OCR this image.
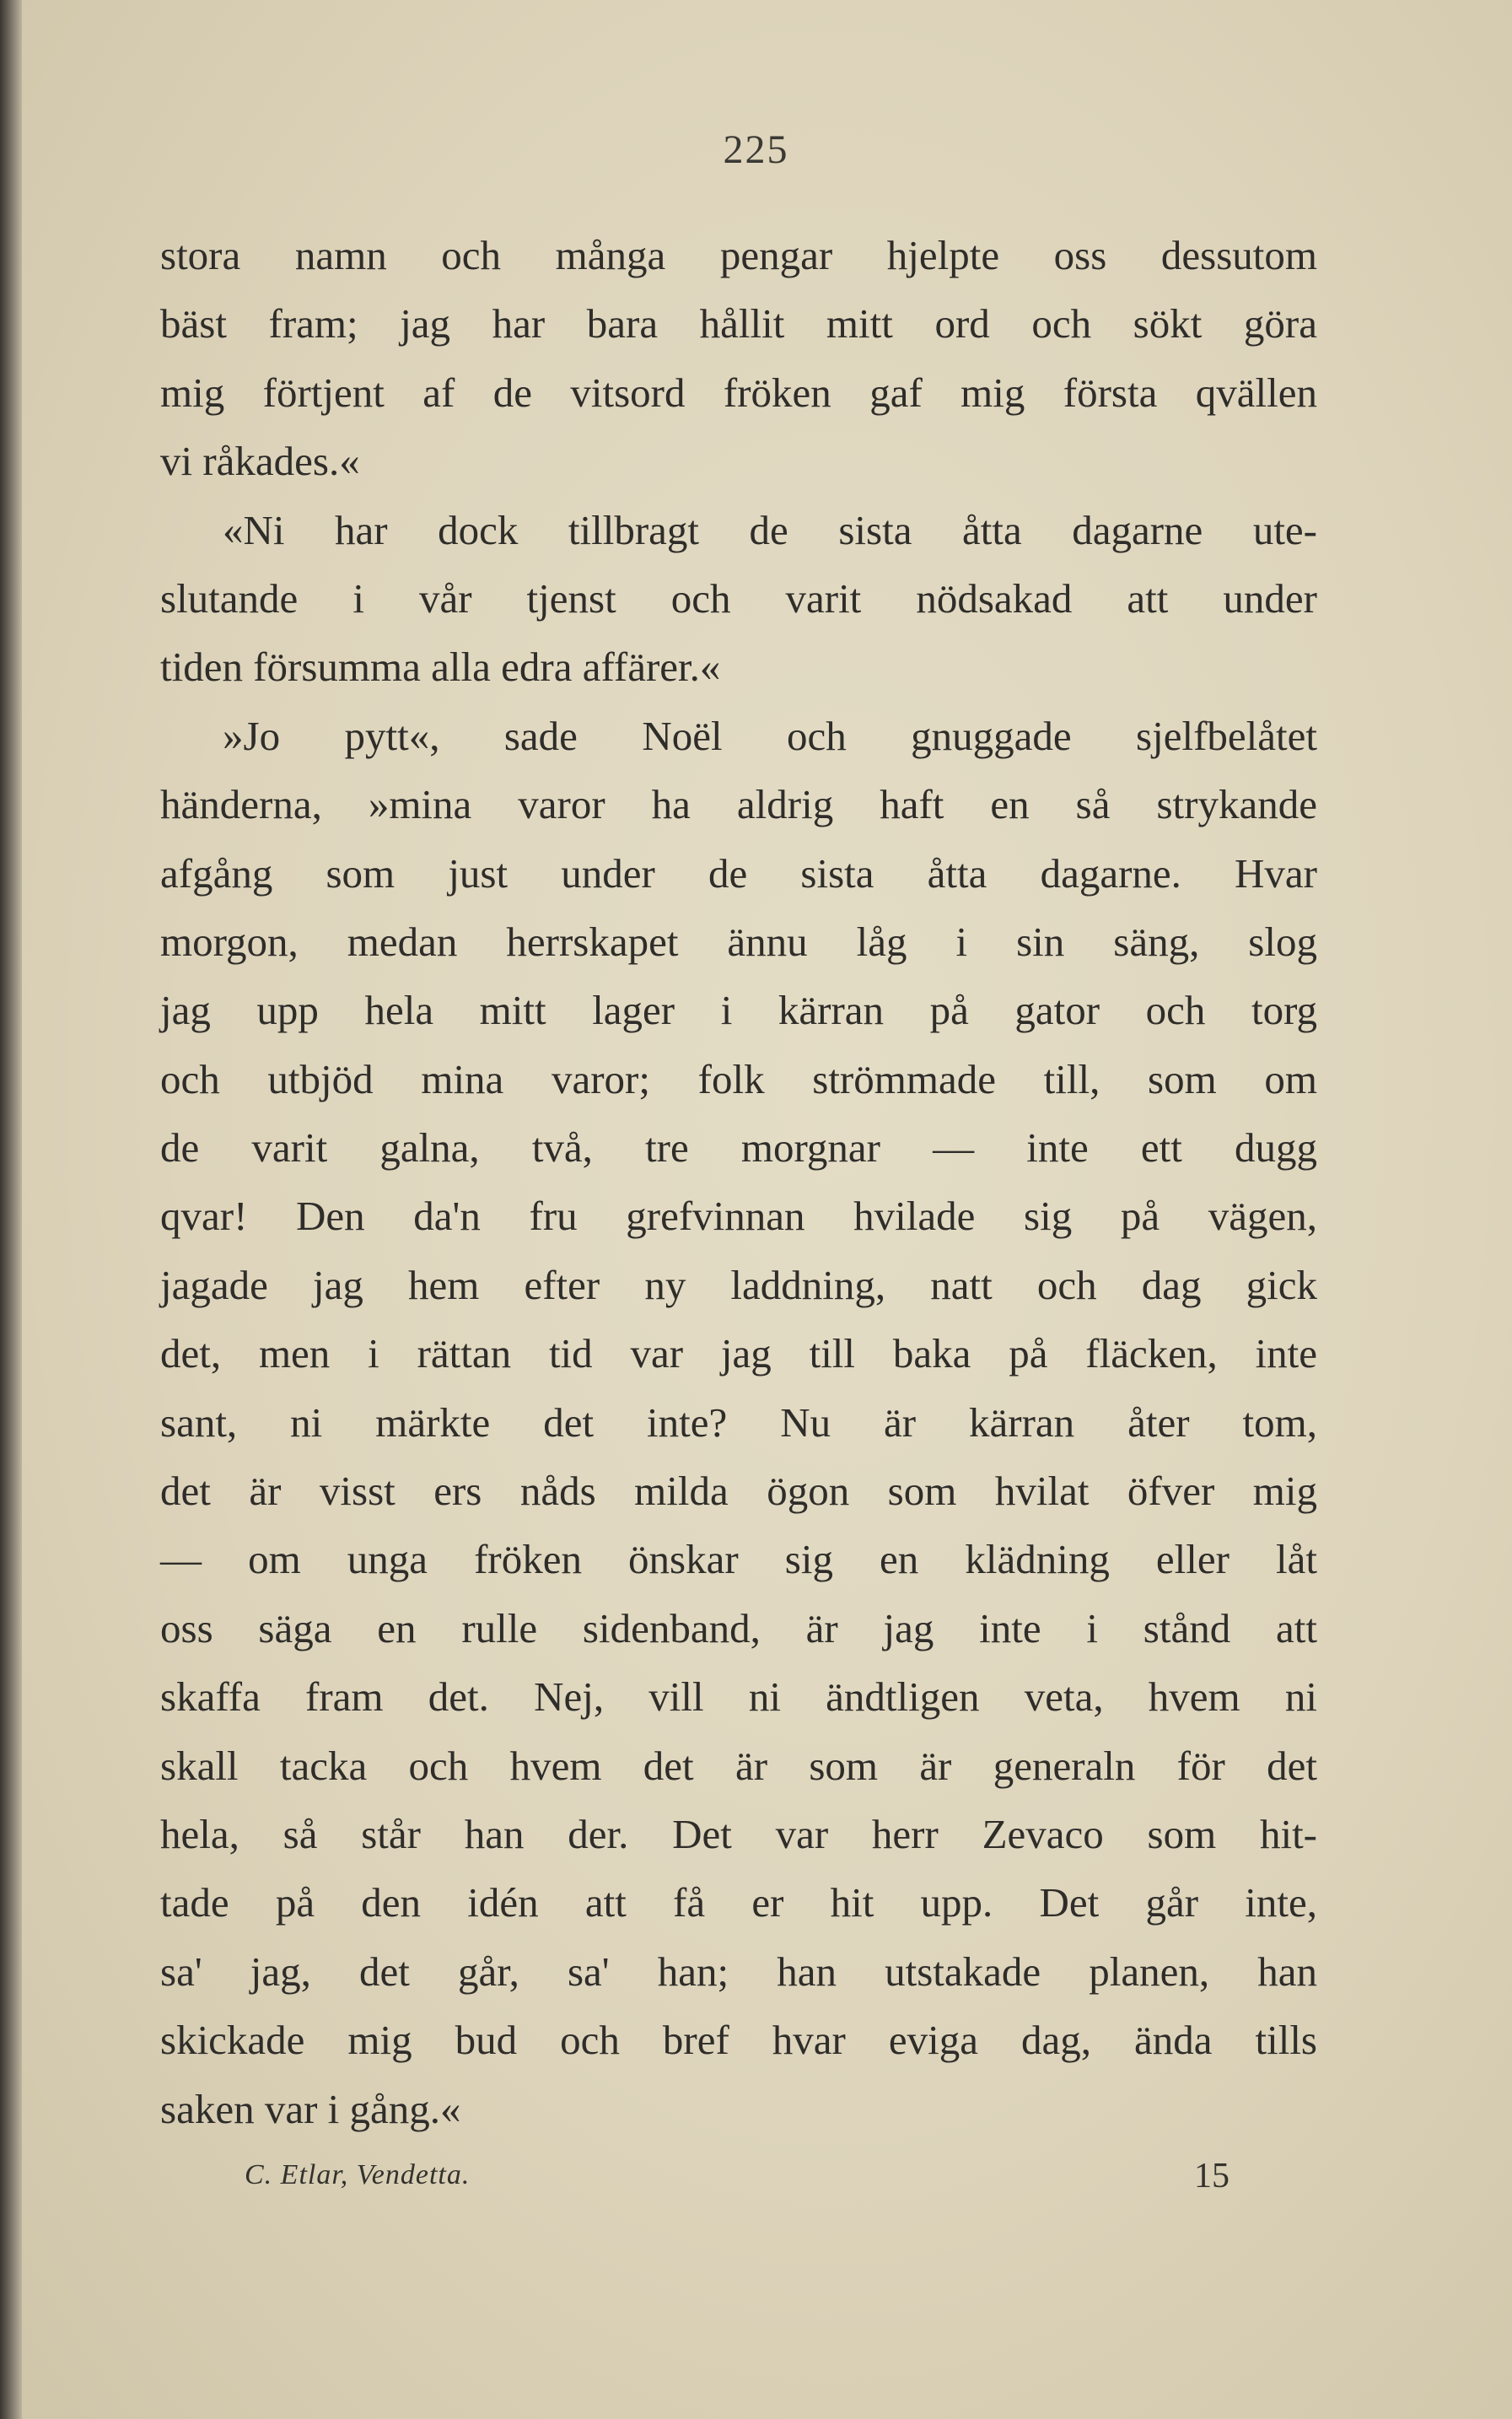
225
stora namn och många pengar hjelpte oss dessutom
bäst fram; jag har bara hållit mitt ord och sökt göra
mig förtjent af de vitsord fröken gaf mig första qvällen
vi råkades.«
«Ni har dock tillbragt de sista åtta dagarne ute-
slutande i vår tjenst och varit nödsakad att under
tiden försumma alla edra affärer.«
»Jo pytt«, sade Noël och gnuggade sjelfbelåtet
händerna, »mina varor ha aldrig haft en så strykande
afgång som just under de sista åtta dagarne. Hvar
morgon, medan herrskapet ännu låg i sin säng, slog
jag upp hela mitt lager i kärran på gator och torg
och utbjöd mina varor; folk strömmade till, som om
de varit galna, två, tre morgnar — inte ett dugg
qvar! Den da'n fru grefvinnan hvilade sig på vägen,
jagade jag hem efter ny laddning, natt och dag gick
det, men i rättan tid var jag till baka på fläcken, inte
sant, ni märkte det inte? Nu är kärran åter tom,
det är visst ers nåds milda ögon som hvilat öfver mig
— om unga fröken önskar sig en klädning eller låt
oss säga en rulle sidenband, är jag inte i stånd att
skaffa fram det. Nej, vill ni ändtligen veta, hvem ni
skall tacka och hvem det är som är generaln för det
hela, så står han der. Det var herr Zevaco som hit-
tade på den idén att få er hit upp. Det går inte,
sa' jag, det går, sa' han; han utstakade planen, han
skickade mig bud och bref hvar eviga dag, ända tills
saken var i gång.«
C. Etlar, Vendetta.	15
